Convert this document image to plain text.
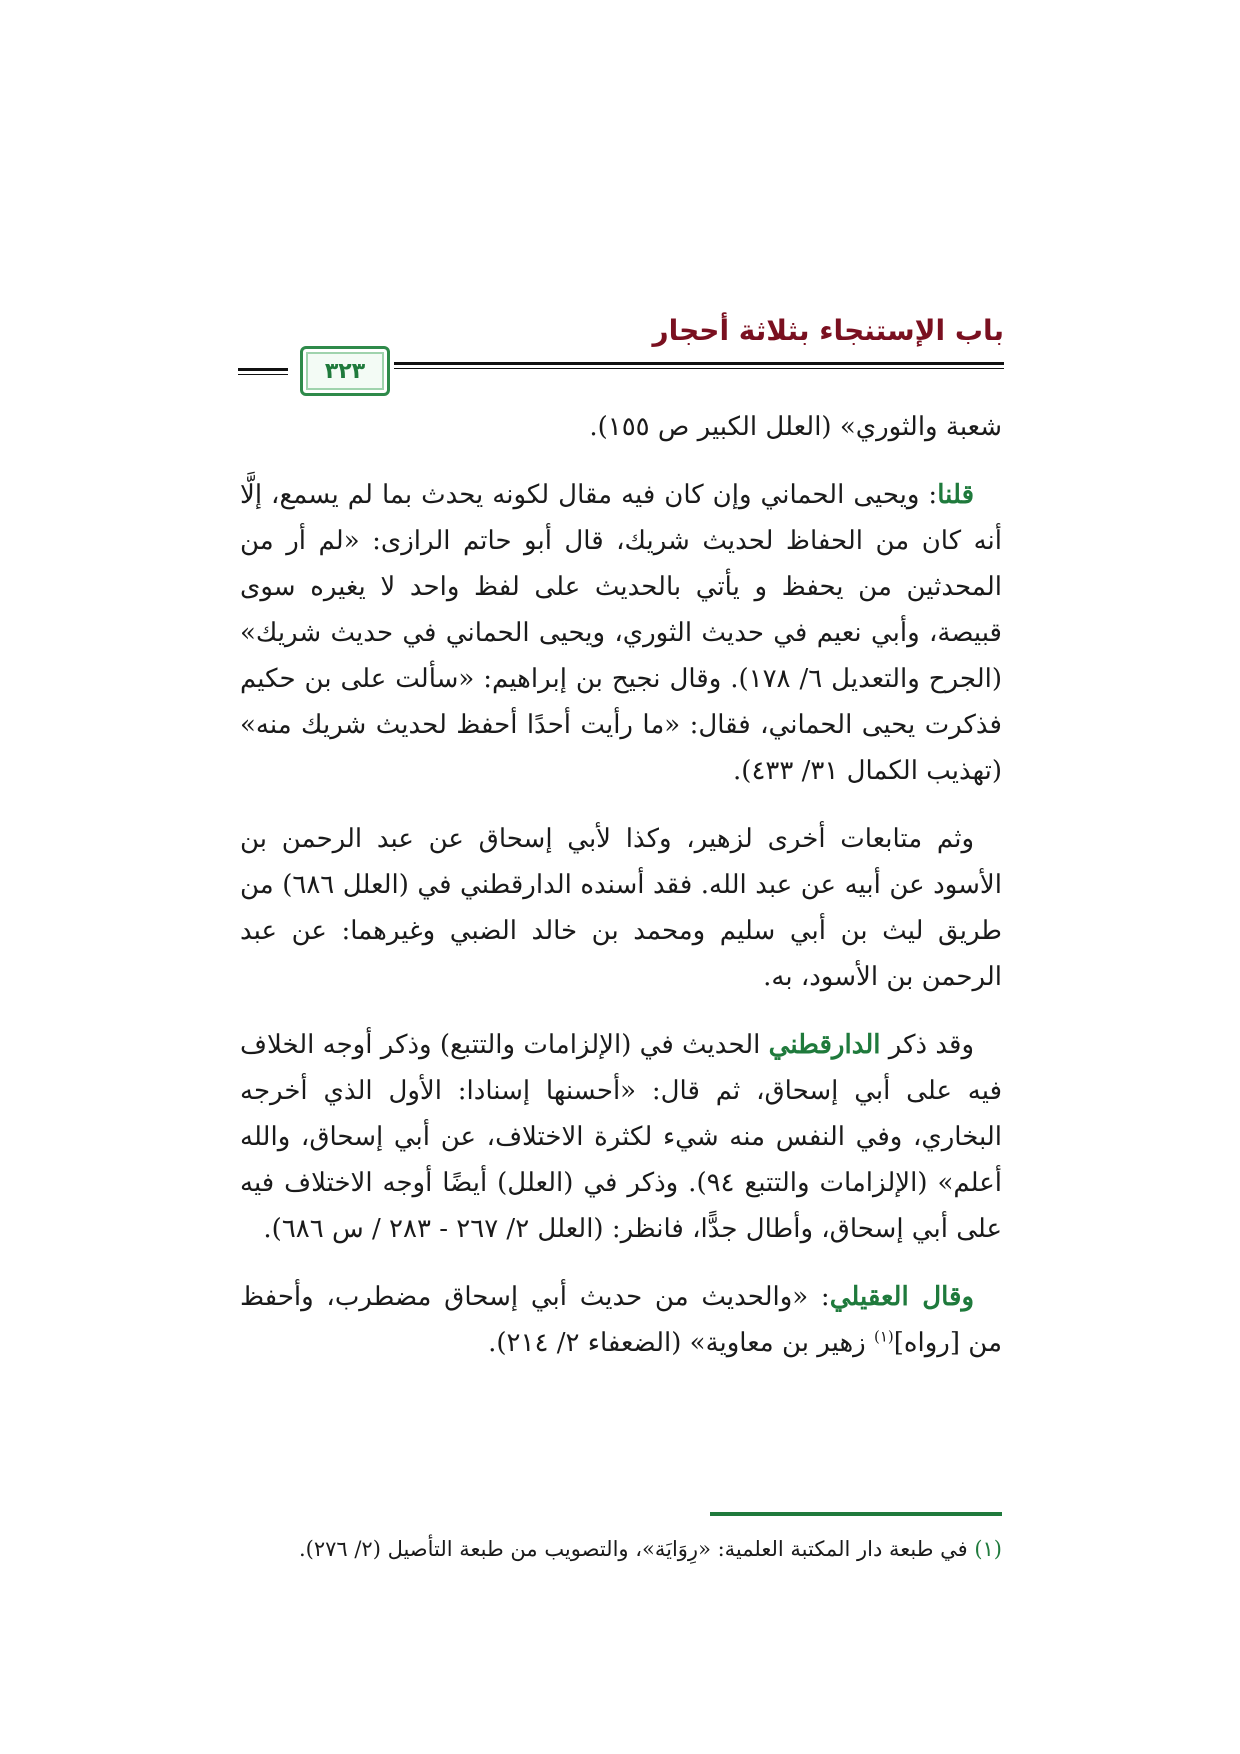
باب الإستنجاء بثلاثة أحجار
٣٢٣

شعبة والثوري» (العلل الكبير ص ١٥٥).

قلنا: ويحيى الحماني وإن كان فيه مقال لكونه يحدث بما لم يسمع، إلَّا أنه كان من الحفاظ لحديث شريك، قال أبو حاتم الرازى: «لم أر من المحدثين من يحفظ و يأتي بالحديث على لفظ واحد لا يغيره سوى قبيصة، وأبي نعيم في حديث الثوري، ويحيى الحماني في حديث شريك» (الجرح والتعديل ٦/ ١٧٨). وقال نجيح بن إبراهيم: «سألت على بن حكيم فذكرت يحيى الحماني، فقال: «ما رأيت أحدًا أحفظ لحديث شريك منه» (تهذيب الكمال ٣١/ ٤٣٣).

وثم متابعات أخرى لزهير، وكذا لأبي إسحاق عن عبد الرحمن بن الأسود عن أبيه عن عبد الله. فقد أسنده الدارقطني في (العلل ٦٨٦) من طريق ليث بن أبي سليم ومحمد بن خالد الضبي وغيرهما: عن عبد الرحمن بن الأسود، به.

وقد ذكر الدارقطني الحديث في (الإلزامات والتتبع) وذكر أوجه الخلاف فيه على أبي إسحاق، ثم قال: «أحسنها إسنادا: الأول الذي أخرجه البخاري، وفي النفس منه شيء لكثرة الاختلاف، عن أبي إسحاق، والله أعلم» (الإلزامات والتتبع ٩٤). وذكر في (العلل) أيضًا أوجه الاختلاف فيه على أبي إسحاق، وأطال جدًّا، فانظر: (العلل ٢/ ٢٦٧ - ٢٨٣ / س ٦٨٦).

وقال العقيلي: «والحديث من حديث أبي إسحاق مضطرب، وأحفظ من [رواه]$^{(١)}$ زهير بن معاوية» (الضعفاء ٢/ ٢١٤).

(١) في طبعة دار المكتبة العلمية: «رِوَايَة»، والتصويب من طبعة التأصيل (٢/ ٢٧٦).
